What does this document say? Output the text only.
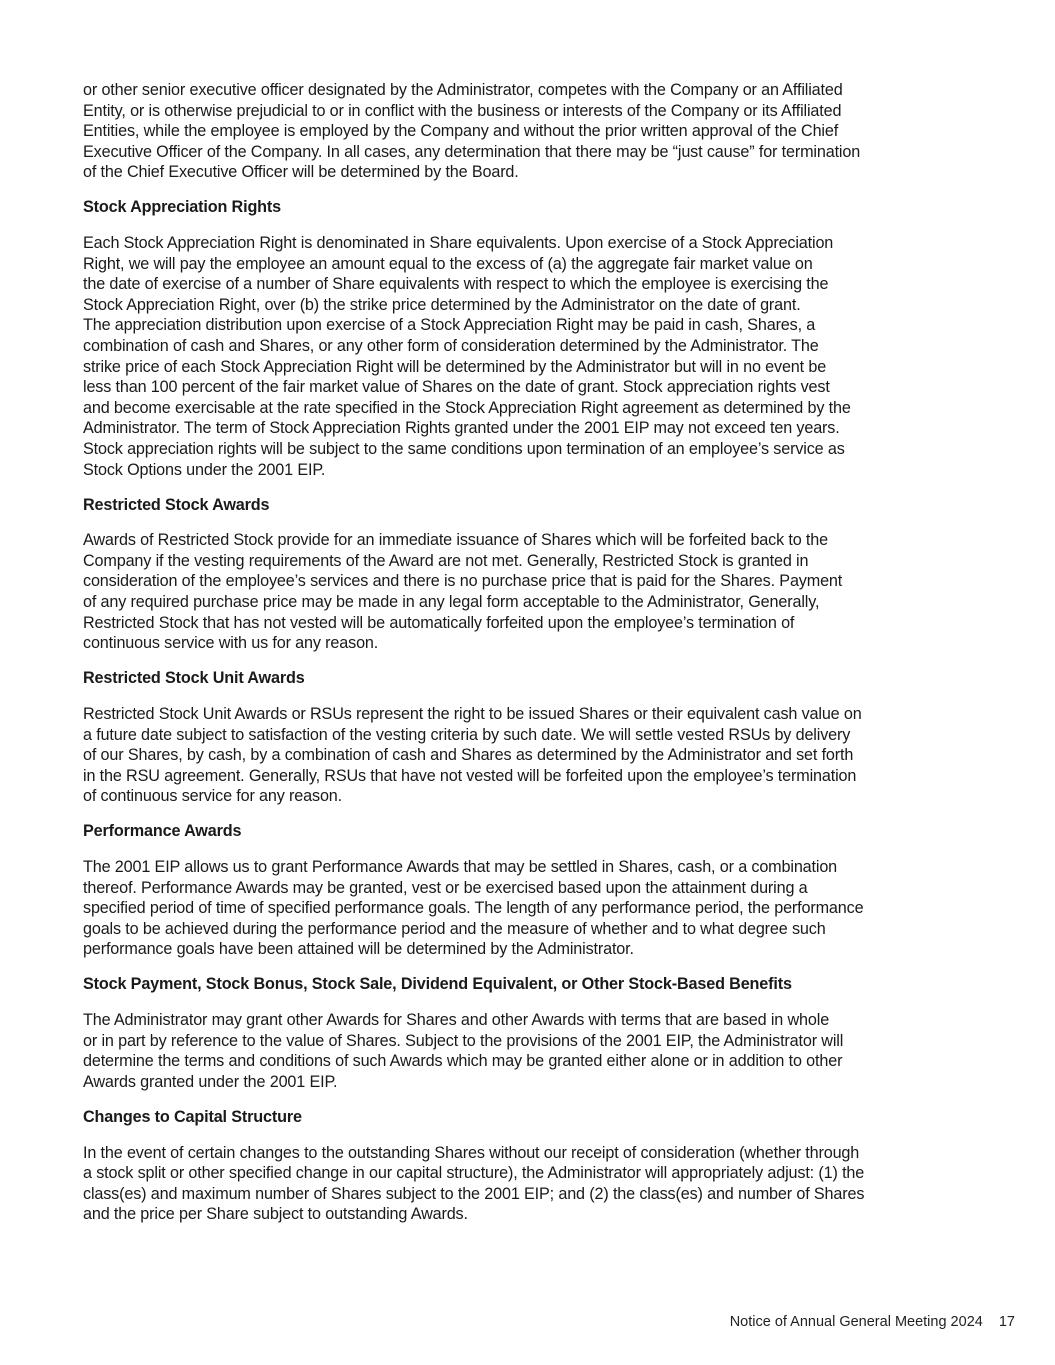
or other senior executive officer designated by the Administrator, competes with the Company or an Affiliated
Entity, or is otherwise prejudicial to or in conflict with the business or interests of the Company or its Affiliated
Entities, while the employee is employed by the Company and without the prior written approval of the Chief
Executive Officer of the Company. In all cases, any determination that there may be “just cause” for termination
of the Chief Executive Officer will be determined by the Board.

Stock Appreciation Rights

Each Stock Appreciation Right is denominated in Share equivalents. Upon exercise of a Stock Appreciation
Right, we will pay the employee an amount equal to the excess of (a) the aggregate fair market value on
the date of exercise of a number of Share equivalents with respect to which the employee is exercising the
Stock Appreciation Right, over (b) the strike price determined by the Administrator on the date of grant.
The appreciation distribution upon exercise of a Stock Appreciation Right may be paid in cash, Shares, a
combination of cash and Shares, or any other form of consideration determined by the Administrator. The
strike price of each Stock Appreciation Right will be determined by the Administrator but will in no event be
less than 100 percent of the fair market value of Shares on the date of grant. Stock appreciation rights vest
and become exercisable at the rate specified in the Stock Appreciation Right agreement as determined by the
Administrator. The term of Stock Appreciation Rights granted under the 2001 EIP may not exceed ten years.
Stock appreciation rights will be subject to the same conditions upon termination of an employee’s service as
Stock Options under the 2001 EIP.

Restricted Stock Awards

Awards of Restricted Stock provide for an immediate issuance of Shares which will be forfeited back to the
Company if the vesting requirements of the Award are not met. Generally, Restricted Stock is granted in
consideration of the employee’s services and there is no purchase price that is paid for the Shares. Payment
of any required purchase price may be made in any legal form acceptable to the Administrator, Generally,
Restricted Stock that has not vested will be automatically forfeited upon the employee’s termination of
continuous service with us for any reason.

Restricted Stock Unit Awards

Restricted Stock Unit Awards or RSUs represent the right to be issued Shares or their equivalent cash value on
a future date subject to satisfaction of the vesting criteria by such date. We will settle vested RSUs by delivery
of our Shares, by cash, by a combination of cash and Shares as determined by the Administrator and set forth
in the RSU agreement. Generally, RSUs that have not vested will be forfeited upon the employee’s termination
of continuous service for any reason.

Performance Awards

The 2001 EIP allows us to grant Performance Awards that may be settled in Shares, cash, or a combination
thereof. Performance Awards may be granted, vest or be exercised based upon the attainment during a
specified period of time of specified performance goals. The length of any performance period, the performance
goals to be achieved during the performance period and the measure of whether and to what degree such
performance goals have been attained will be determined by the Administrator.

Stock Payment, Stock Bonus, Stock Sale, Dividend Equivalent, or Other Stock-Based Benefits

The Administrator may grant other Awards for Shares and other Awards with terms that are based in whole
or in part by reference to the value of Shares. Subject to the provisions of the 2001 EIP, the Administrator will
determine the terms and conditions of such Awards which may be granted either alone or in addition to other
Awards granted under the 2001 EIP.

Changes to Capital Structure

In the event of certain changes to the outstanding Shares without our receipt of consideration (whether through
a stock split or other specified change in our capital structure), the Administrator will appropriately adjust: (1) the
class(es) and maximum number of Shares subject to the 2001 EIP; and (2) the class(es) and number of Shares
and the price per Share subject to outstanding Awards.

Notice of Annual General Meeting 2024 17
